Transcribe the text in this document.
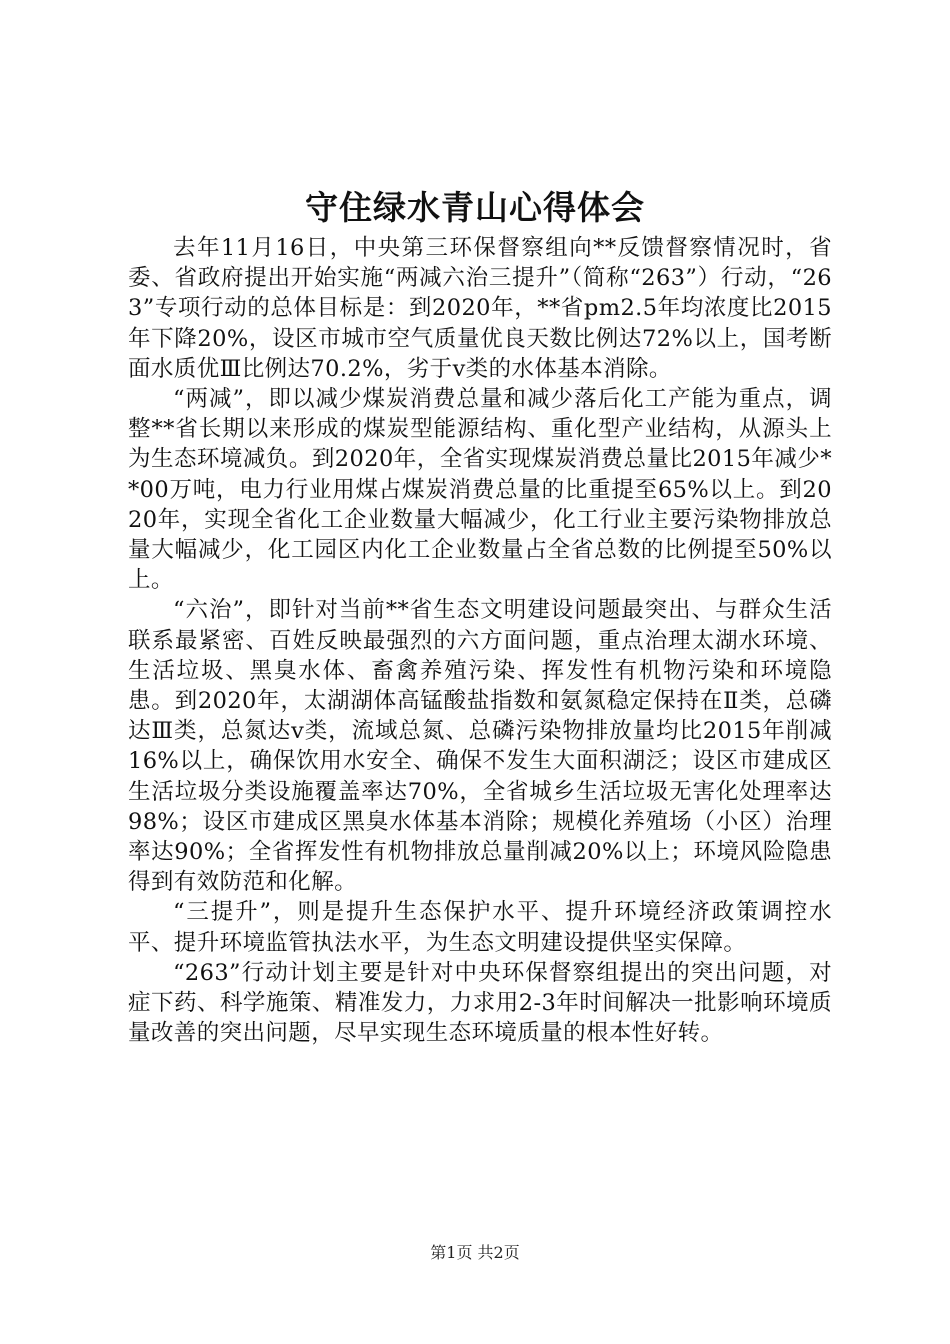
守住绿水青山心得体会

去年11月16日，中央第三环保督察组向**反馈督察情况时，省委、省政府提出开始实施“两减六治三提升”（简称“263”）行动，“263”专项行动的总体目标是：到2020年，**省pm2.5年均浓度比2015年下降20%，设区市城市空气质量优良天数比例达72%以上，国考断面水质优Ⅲ比例达70.2%，劣于v类的水体基本消除。

“两减”，即以减少煤炭消费总量和减少落后化工产能为重点，调整**省长期以来形成的煤炭型能源结构、重化型产业结构，从源头上为生态环境减负。到2020年，全省实现煤炭消费总量比2015年减少**00万吨，电力行业用煤占煤炭消费总量的比重提至65%以上。到2020年，实现全省化工企业数量大幅减少，化工行业主要污染物排放总量大幅减少，化工园区内化工企业数量占全省总数的比例提至50%以上。

“六治”，即针对当前**省生态文明建设问题最突出、与群众生活联系最紧密、百姓反映最强烈的六方面问题，重点治理太湖水环境、生活垃圾、黑臭水体、畜禽养殖污染、挥发性有机物污染和环境隐患。到2020年，太湖湖体高锰酸盐指数和氨氮稳定保持在Ⅱ类，总磷达Ⅲ类，总氮达v类，流域总氮、总磷污染物排放量均比2015年削减16%以上，确保饮用水安全、确保不发生大面积湖泛；设区市建成区生活垃圾分类设施覆盖率达70%，全省城乡生活垃圾无害化处理率达98%；设区市建成区黑臭水体基本消除；规模化养殖场（小区）治理率达90%；全省挥发性有机物排放总量削减20%以上；环境风险隐患得到有效防范和化解。

“三提升”，则是提升生态保护水平、提升环境经济政策调控水平、提升环境监管执法水平，为生态文明建设提供坚实保障。

“263”行动计划主要是针对中央环保督察组提出的突出问题，对症下药、科学施策、精准发力，力求用2-3年时间解决一批影响环境质量改善的突出问题，尽早实现生态环境质量的根本性好转。

第1页 共2页
